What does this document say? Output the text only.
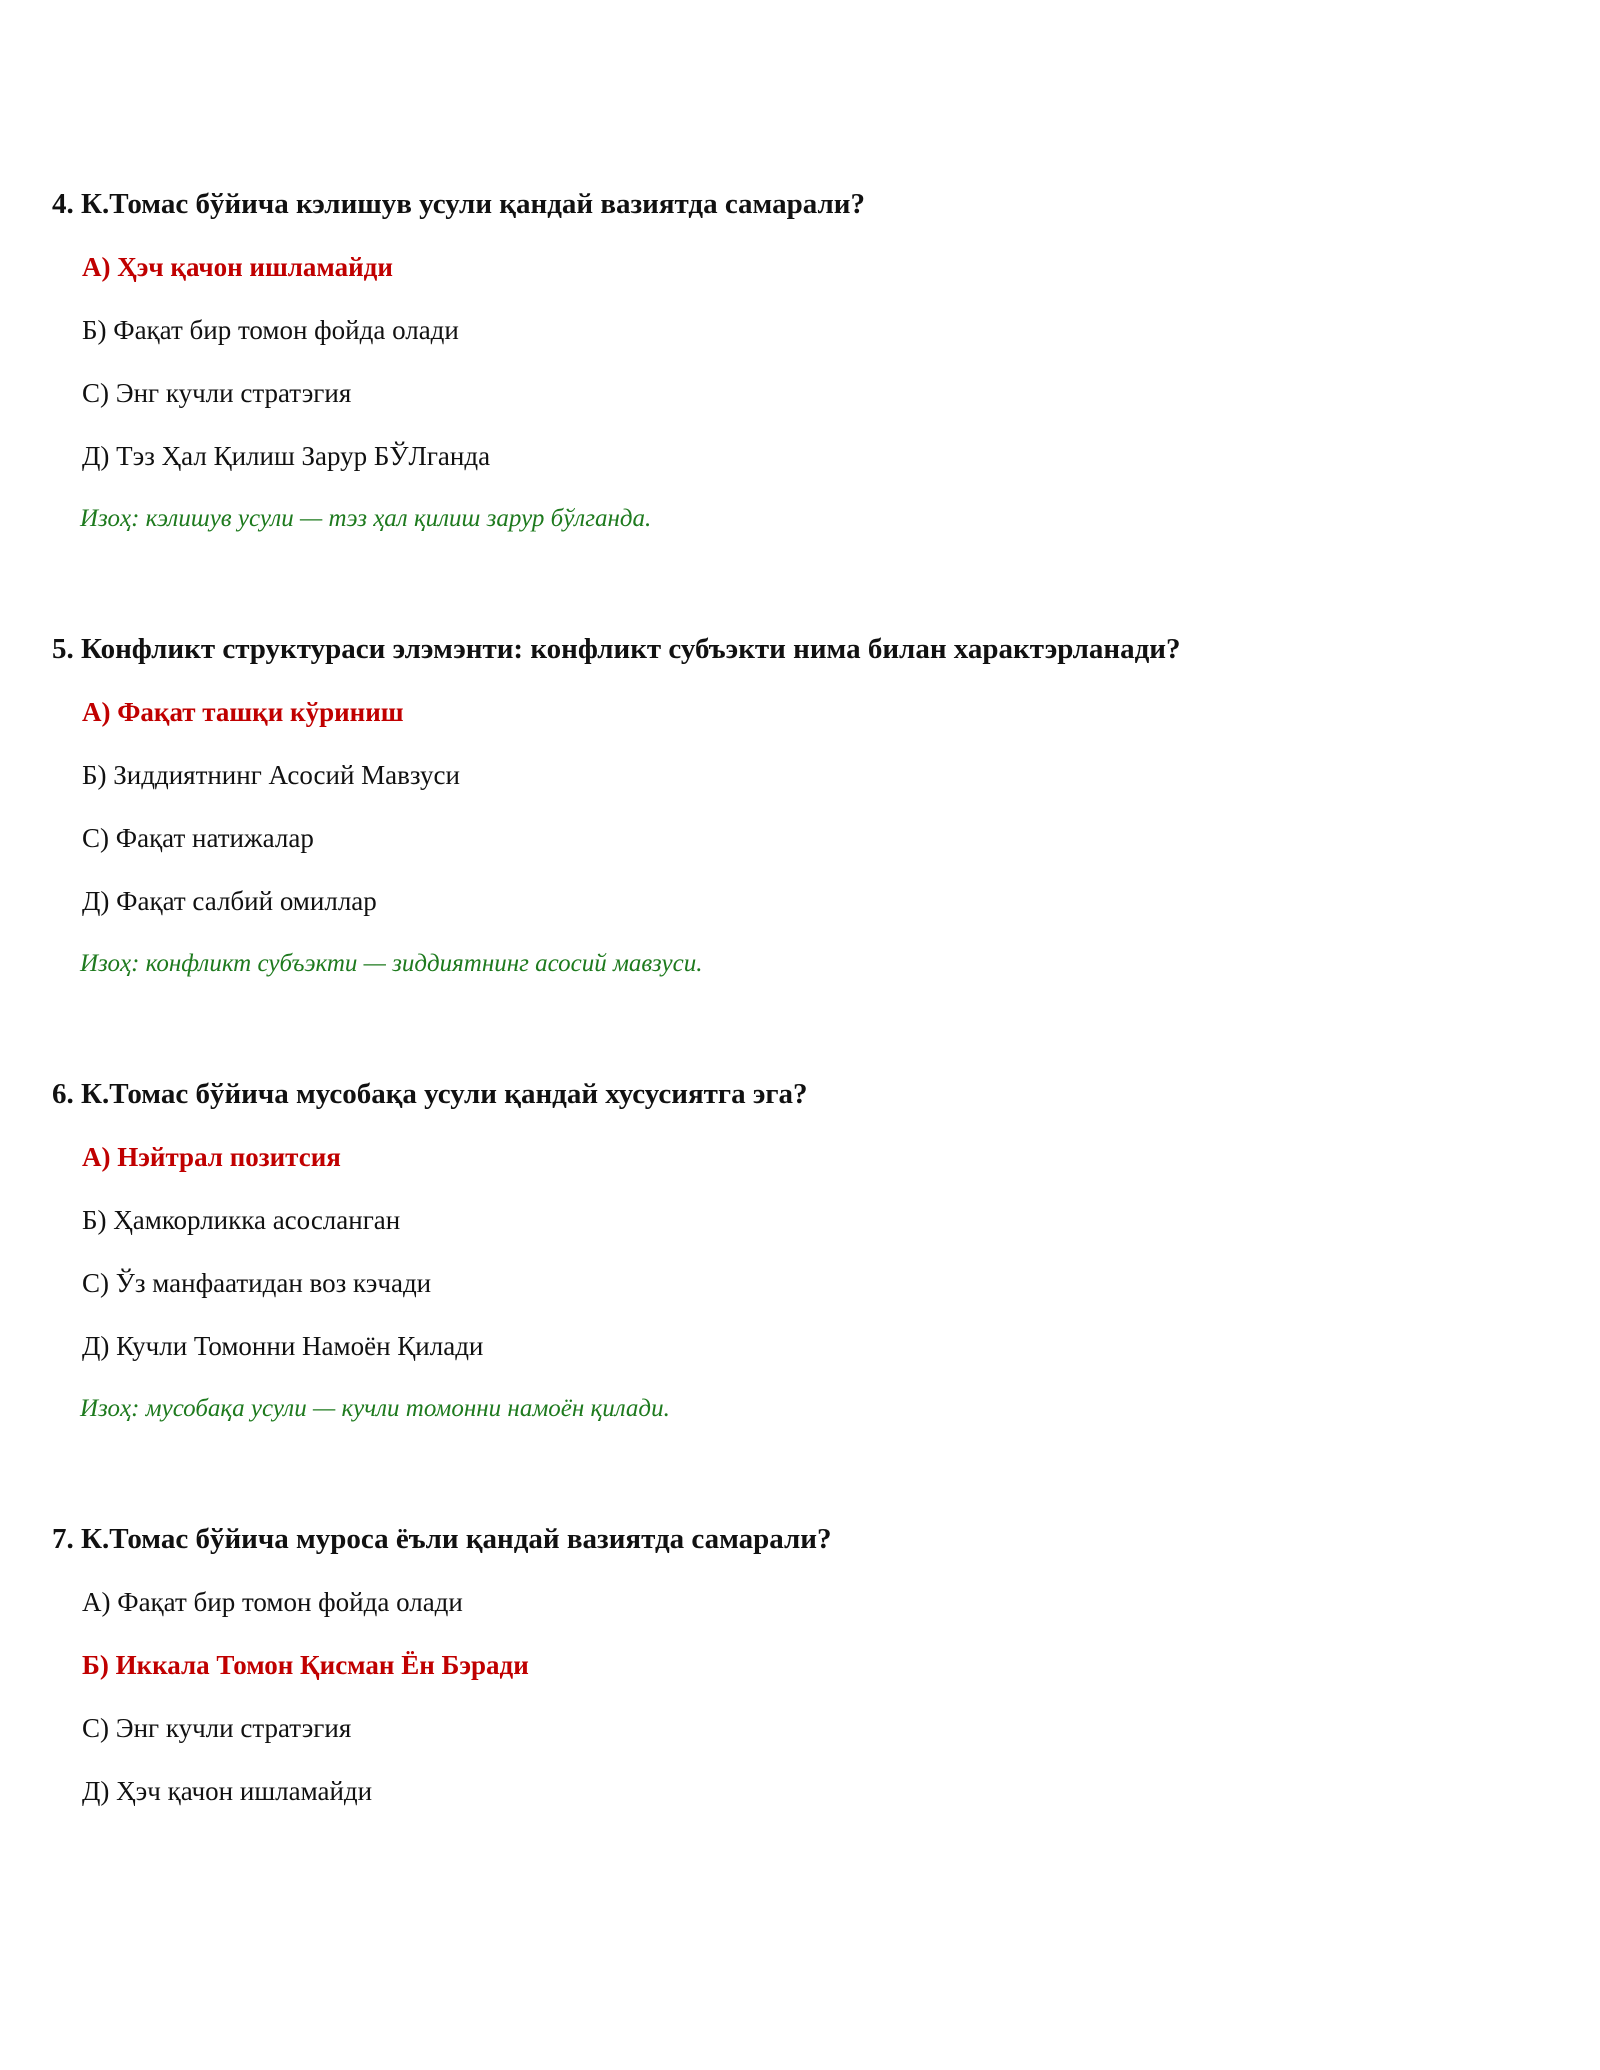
4. К.Томас бўйича кэлишув усули қандай вазиятда самарали?

А) Ҳэч қачон ишламайди

Б) Фақат бир томон фойда олади

С) Энг кучли стратэгия

Д) Тэз Ҳал Қилиш Зарур БЎЛганда

Изоҳ: кэлишув усули — тэз ҳал қилиш зарур бўлганда.

5. Конфликт структураси элэмэнти: конфликт субъэкти нима билан характэрланади?

А) Фақат ташқи кўриниш

Б) Зиддиятнинг Асосий Мавзуси

С) Фақат натижалар

Д) Фақат салбий омиллар

Изоҳ: конфликт субъэкти — зиддиятнинг асосий мавзуси.

6. К.Томас бўйича мусобақа усули қандай хусусиятга эга?

А) Нэйтрал позитсия

Б) Ҳамкорликка асосланган

С) Ўз манфаатидан воз кэчади

Д) Кучли Томонни Намоён Қилади

Изоҳ: мусобақа усули — кучли томонни намоён қилади.

7. К.Томас бўйича муроса ёъли қандай вазиятда самарали?

А) Фақат бир томон фойда олади

Б) Иккала Томон Қисман Ён Бэради

С) Энг кучли стратэгия

Д) Ҳэч қачон ишламайди
